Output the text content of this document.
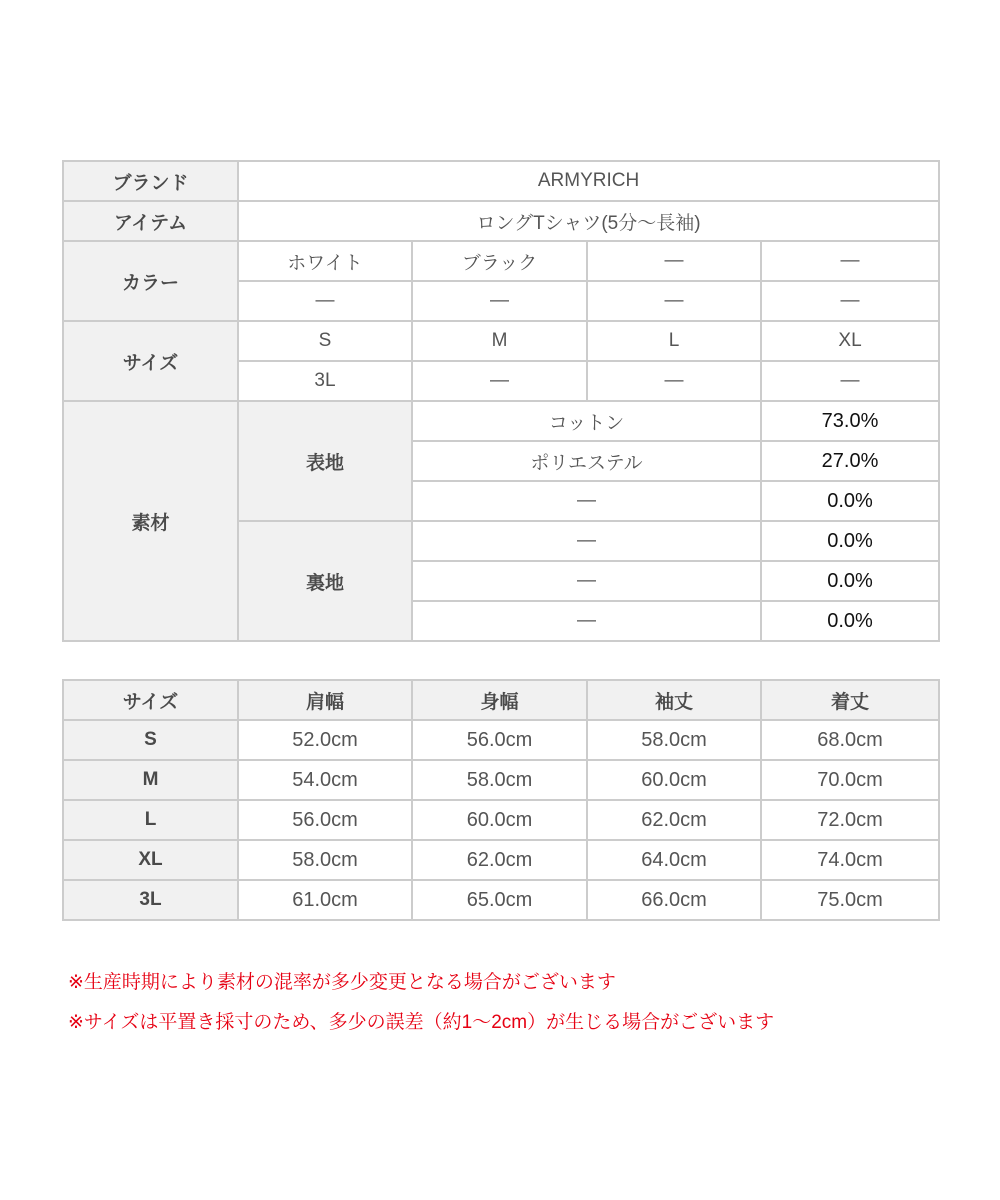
ブランド	ARMYRICH			
アイテム	ロングTシャツ(5分〜長袖)			
カラー	ホワイト	ブラック	—	—
	—	—	—	—
サイズ	S	M	L	XL
	3L	—	—	—
素材	表地	コットン		73.0%
		ポリエステル		27.0%
		—		0.0%
	裏地	—		0.0%
		—		0.0%
		—		0.0%
サイズ	肩幅	身幅	袖丈	着丈
S	52.0cm	56.0cm	58.0cm	68.0cm
M	54.0cm	58.0cm	60.0cm	70.0cm
L	56.0cm	60.0cm	62.0cm	72.0cm
XL	58.0cm	62.0cm	64.0cm	74.0cm
3L	61.0cm	65.0cm	66.0cm	75.0cm

※生産時期により素材の混率が多少変更となる場合がございます

※サイズは平置き採寸のため、多少の誤差（約1〜2cm）が生じる場合がございます
